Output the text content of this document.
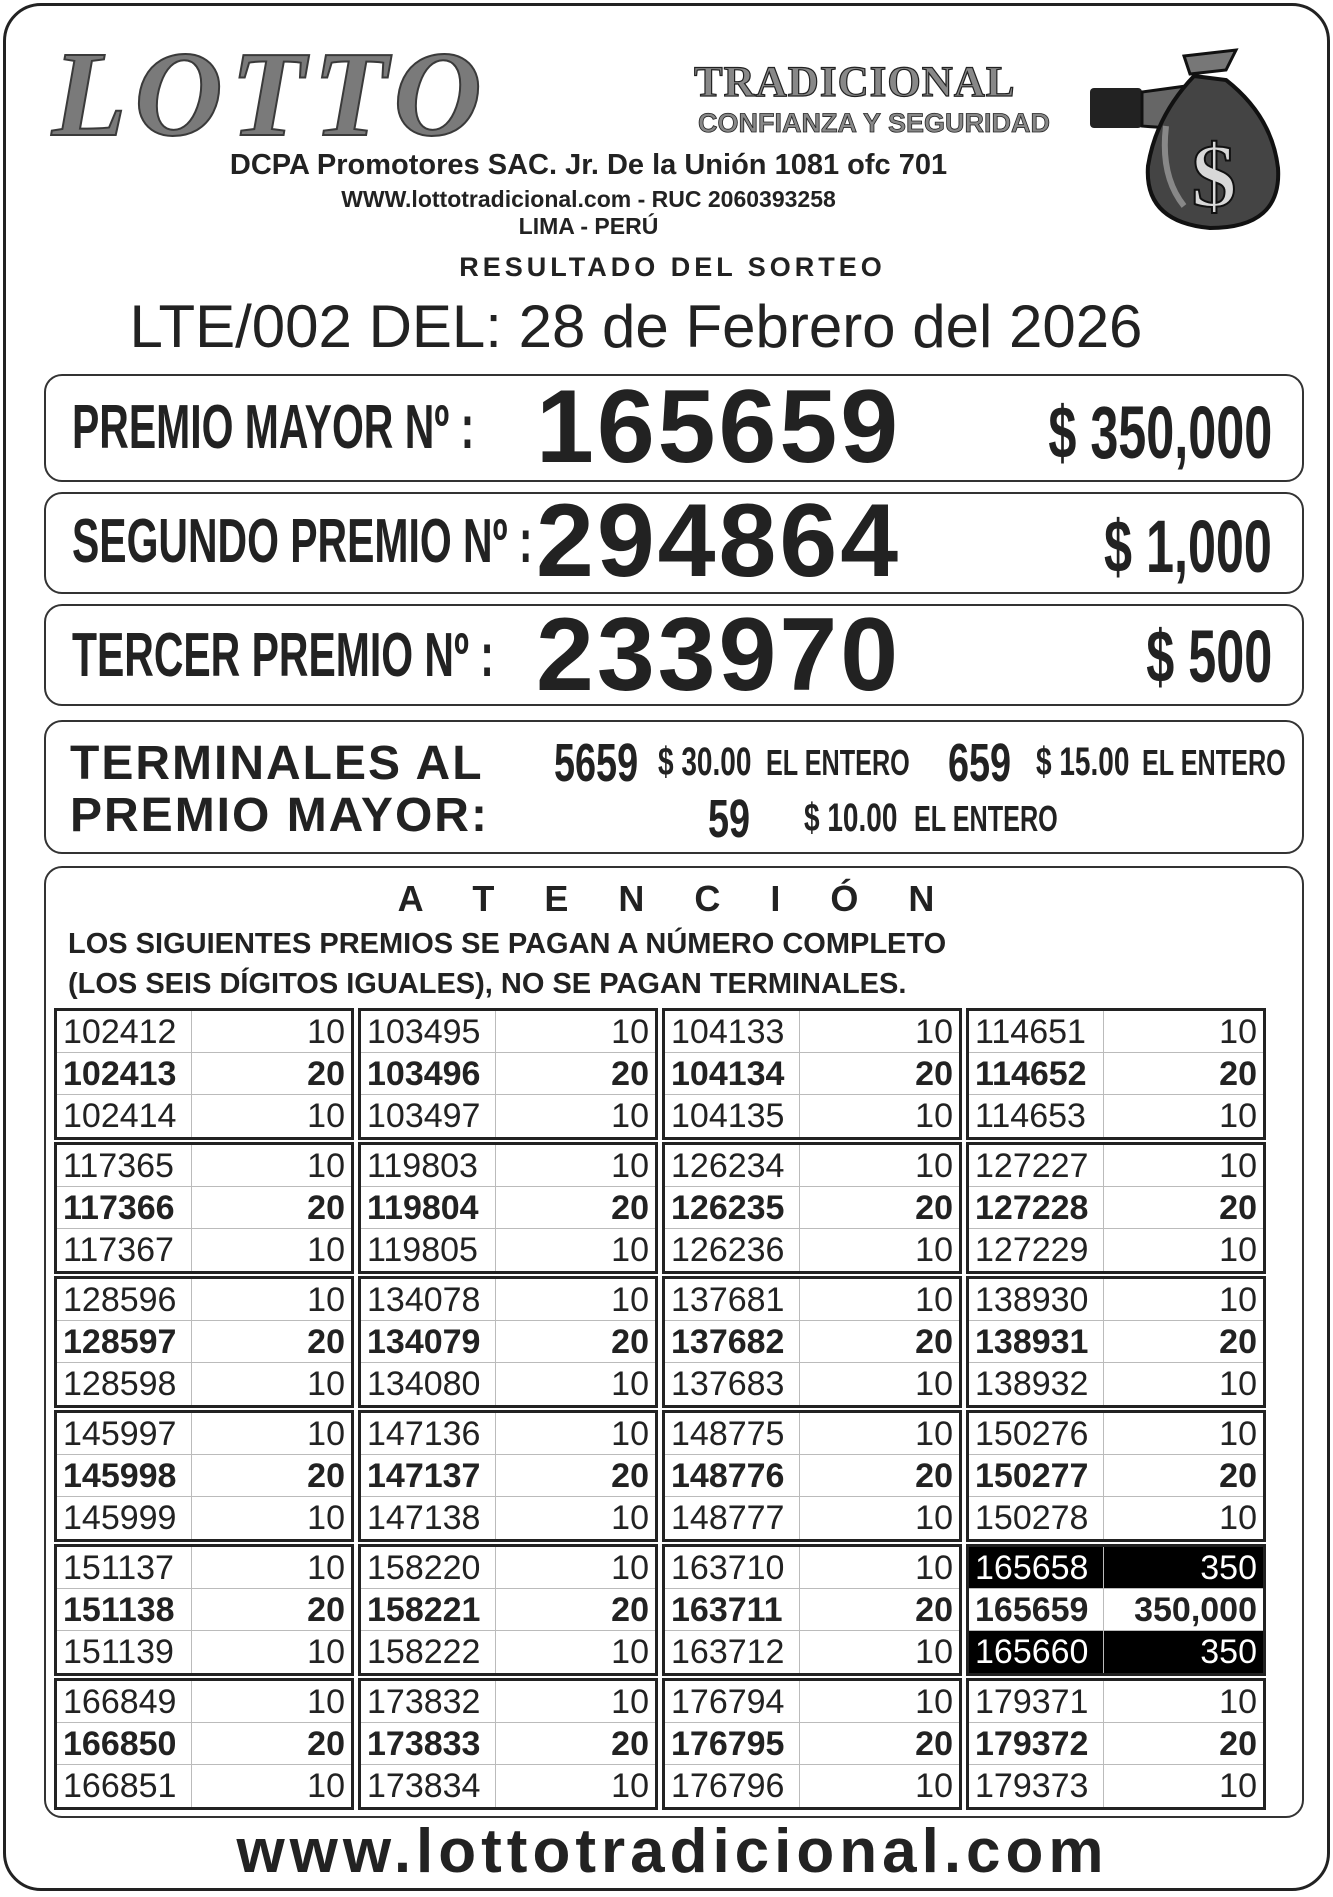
LOTTO	TRADICIONAL
CONFIANZA Y SEGURIDAD
$
DCPA Promotores SAC. Jr. De la Unión 1081 ofc 701
WWW.lottotradicional.com - RUC 2060393258
LIMA - PERÚ
RESULTADO DEL SORTEO
LTE/002 DEL: 28 de Febrero del 2026
PREMIO MAYOR Nº : 165659 $ 350,000
SEGUNDO PREMIO Nº : 294864	$ 1,000
TERCER PREMIO Nº : 233970	$ 500
TERMINALES AL
PREMIO MAYOR:
5659 $ 30.00 EL ENTERO 659 $ 15.00 EL ENTERO
59 $ 10.00 EL ENTERO
A T E N C I Ó N
LOS SIGUIENTES PREMIOS SE PAGAN A NÚMERO COMPLETO
(LOS SEIS DÍGITOS IGUALES), NO SE PAGAN TERMINALES.
102412	10
102413	20
102414	10
103495	10
103496	20
103497	10
104133	10
104134	20
104135	10
114651	10
114652	20
114653	10
117365	10
117366	20
117367	10
119803	10
119804	20
119805	10
126234	10
126235	20
126236	10
127227	10
127228	20
127229	10
128596	10
128597	20
128598	10
134078	10
134079	20
134080	10
137681	10
137682	20
137683	10
138930	10
138931	20
138932	10
145997	10
145998	20
145999	10
147136	10
147137	20
147138	10
148775	10
148776	20
148777	10
150276	10
150277	20
150278	10
151137	10
151138	20
151139	10
158220	10
158221	20
158222	10
163710	10
163711	20
163712	10
165658	350
165659 350,000
165660	350
166849	10
166850	20
166851	10
173832	10
173833	20
173834	10
176794	10
176795	20
176796	10
179371	10
179372	20
179373	10
www.lottotradicional.com
